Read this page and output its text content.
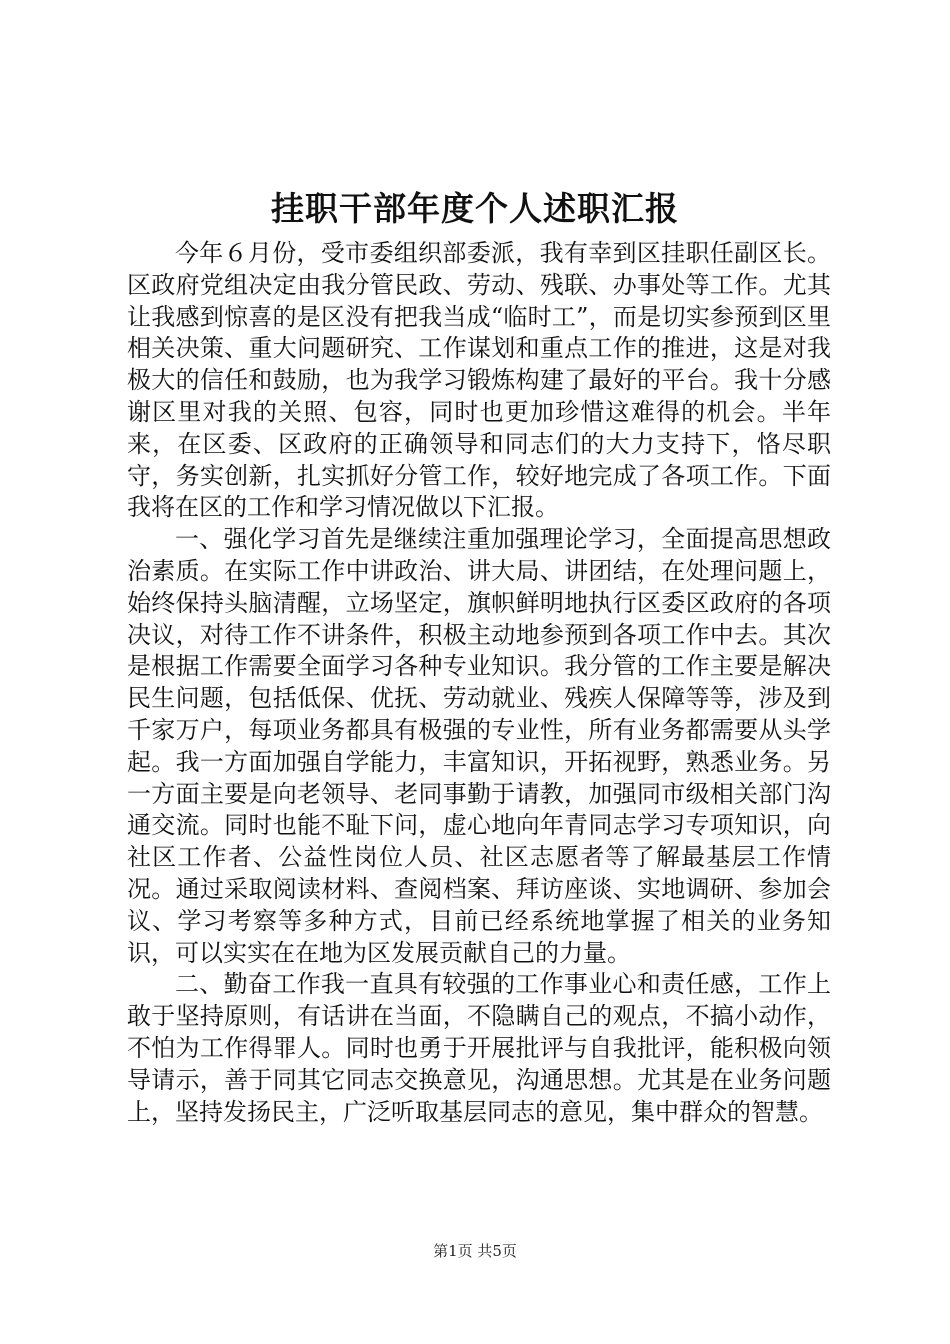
挂职干部年度个人述职汇报

今年６月份，受市委组织部委派，我有幸到区挂职任副区长。区政府党组决定由我分管民政、劳动、残联、办事处等工作。尤其让我感到惊喜的是区没有把我当成“临时工”，而是切实参预到区里相关决策、重大问题研究、工作谋划和重点工作的推进，这是对我极大的信任和鼓励，也为我学习锻炼构建了最好的平台。我十分感谢区里对我的关照、包容，同时也更加珍惜这难得的机会。半年来，在区委、区政府的正确领导和同志们的大力支持下，恪尽职守，务实创新，扎实抓好分管工作，较好地完成了各项工作。下面我将在区的工作和学习情况做以下汇报。

一、强化学习首先是继续注重加强理论学习，全面提高思想政治素质。在实际工作中讲政治、讲大局、讲团结，在处理问题上，始终保持头脑清醒，立场坚定，旗帜鲜明地执行区委区政府的各项决议，对待工作不讲条件，积极主动地参预到各项工作中去。其次是根据工作需要全面学习各种专业知识。我分管的工作主要是解决民生问题，包括低保、优抚、劳动就业、残疾人保障等等，涉及到千家万户，每项业务都具有极强的专业性，所有业务都需要从头学起。我一方面加强自学能力，丰富知识，开拓视野，熟悉业务。另一方面主要是向老领导、老同事勤于请教，加强同市级相关部门沟通交流。同时也能不耻下问，虚心地向年青同志学习专项知识，向社区工作者、公益性岗位人员、社区志愿者等了解最基层工作情况。通过采取阅读材料、查阅档案、拜访座谈、实地调研、参加会议、学习考察等多种方式，目前已经系统地掌握了相关的业务知识，可以实实在在地为区发展贡献自己的力量。

二、勤奋工作我一直具有较强的工作事业心和责任感，工作上敢于坚持原则，有话讲在当面，不隐瞒自己的观点，不搞小动作，不怕为工作得罪人。同时也勇于开展批评与自我批评，能积极向领导请示，善于同其它同志交换意见，沟通思想。尤其是在业务问题上，坚持发扬民主，广泛听取基层同志的意见，集中群众的智慧。

第1页 共5页
